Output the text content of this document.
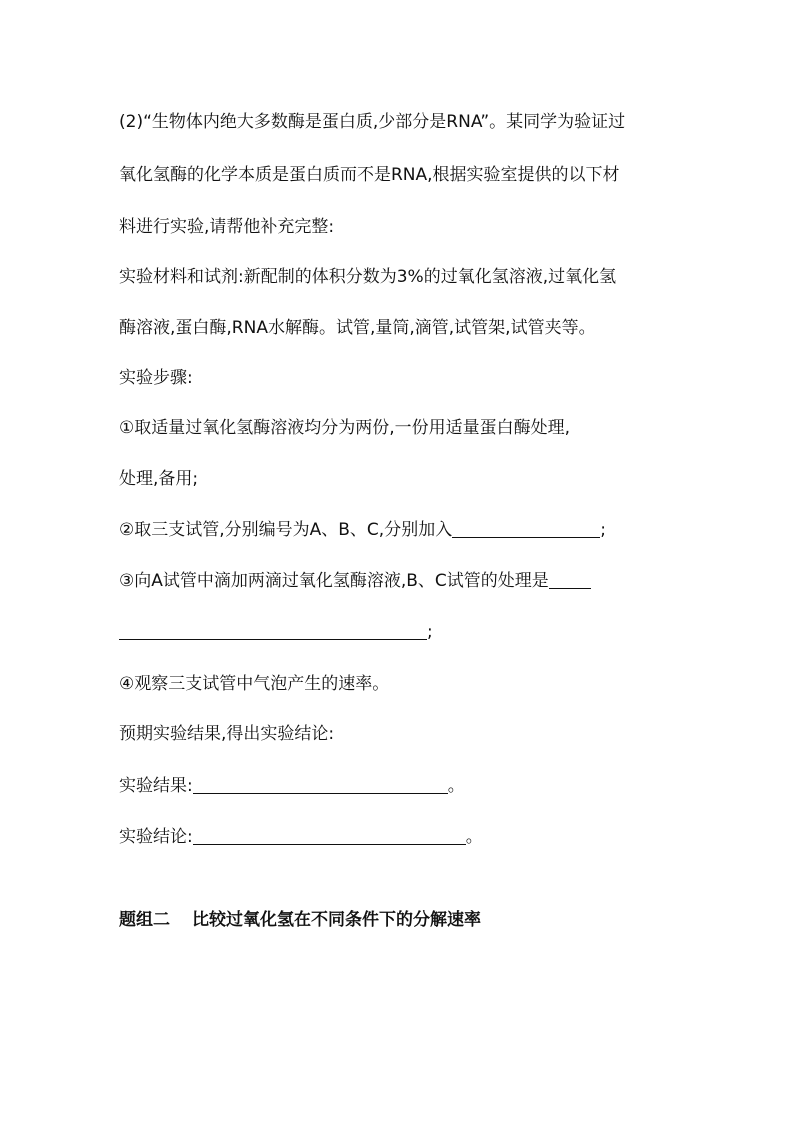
(2)“生物体内绝大多数酶是蛋白质,少部分是RNA”。某同学为验证过
氧化氢酶的化学本质是蛋白质而不是RNA,根据实验室提供的以下材
料进行实验,请帮他补充完整:
实验材料和试剂:新配制的体积分数为3%的过氧化氢溶液,过氧化氢
酶溶液,蛋白酶,RNA水解酶。试管,量筒,滴管,试管架,试管夹等。
实验步骤:
①取适量过氧化氢酶溶液均分为两份,一份用适量蛋白酶处理,
处理,备用;
②取三支试管,分别编号为A、B、C,分别加入	;
③向A试管中滴加两滴过氧化氢酶溶液,B、C试管的处理是
;
④观察三支试管中气泡产生的速率。
预期实验结果,得出实验结论:
实验结果:	。
实验结论:	。
题组二 比较过氧化氢在不同条件下的分解速率
